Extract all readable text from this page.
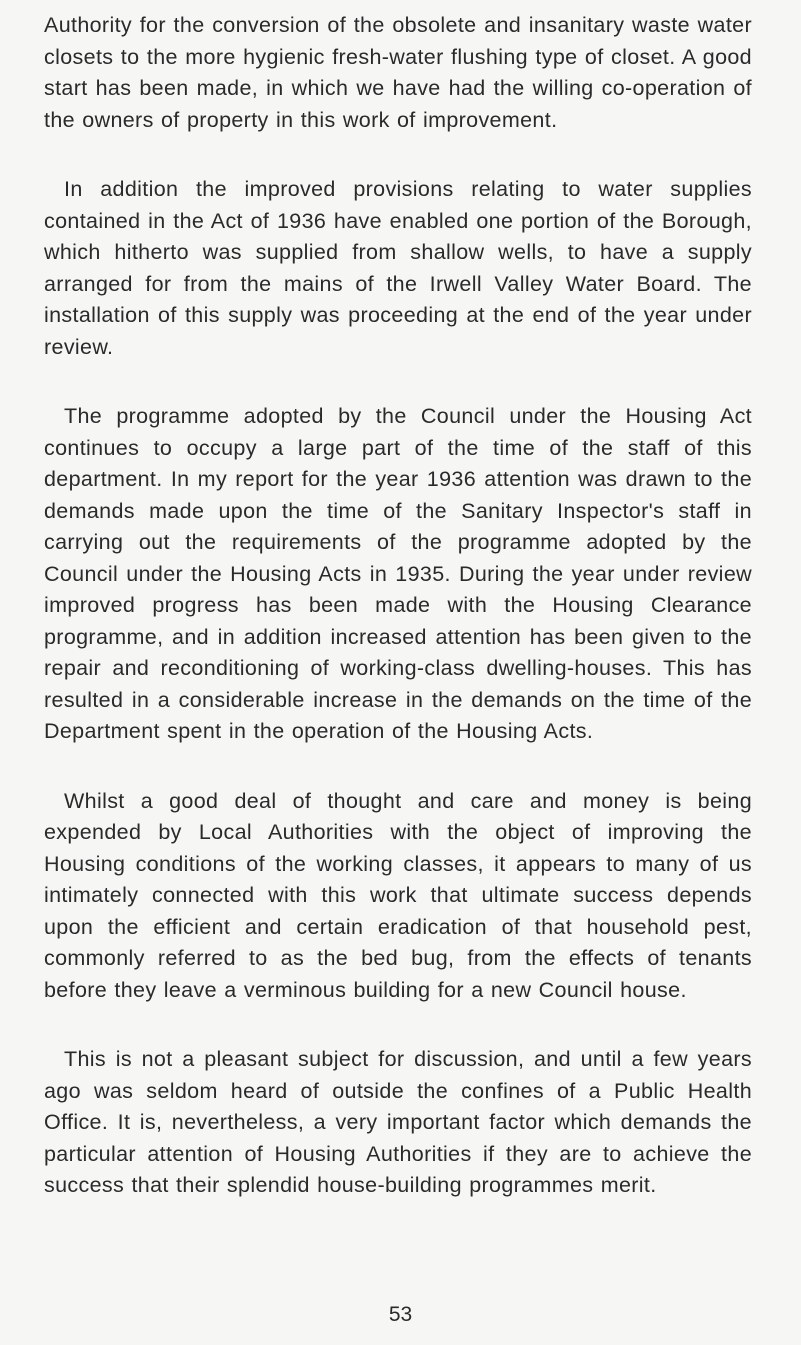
Authority for the conversion of the obsolete and insanitary waste water closets to the more hygienic fresh-water flushing type of closet. A good start has been made, in which we have had the willing co-operation of the owners of property in this work of improvement.

In addition the improved provisions relating to water supplies contained in the Act of 1936 have enabled one portion of the Borough, which hitherto was supplied from shallow wells, to have a supply arranged for from the mains of the Irwell Valley Water Board. The installation of this supply was proceeding at the end of the year under review.

The programme adopted by the Council under the Housing Act continues to occupy a large part of the time of the staff of this department. In my report for the year 1936 attention was drawn to the demands made upon the time of the Sanitary Inspector's staff in carrying out the requirements of the programme adopted by the Council under the Housing Acts in 1935. During the year under review improved progress has been made with the Housing Clearance programme, and in addition increased attention has been given to the repair and reconditioning of working-class dwelling-houses. This has resulted in a considerable increase in the demands on the time of the Department spent in the operation of the Housing Acts.

Whilst a good deal of thought and care and money is being expended by Local Authorities with the object of improving the Housing conditions of the working classes, it appears to many of us intimately connected with this work that ultimate success depends upon the efficient and certain eradication of that household pest, commonly referred to as the bed bug, from the effects of tenants before they leave a verminous building for a new Council house.

This is not a pleasant subject for discussion, and until a few years ago was seldom heard of outside the confines of a Public Health Office. It is, nevertheless, a very important factor which demands the particular attention of Housing Authorities if they are to achieve the success that their splendid house-building programmes merit.

53
